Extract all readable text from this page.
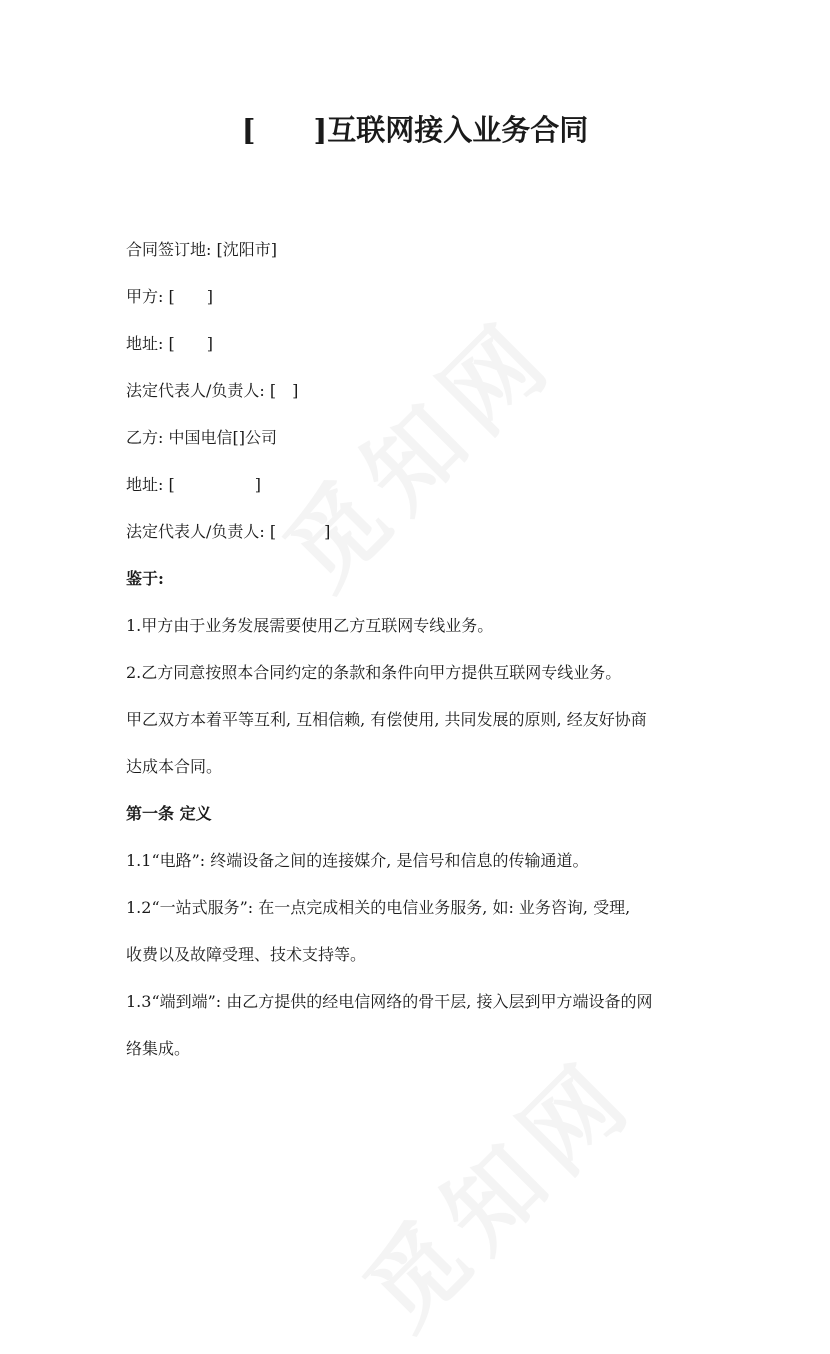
[　　]互联网接入业务合同
合同签订地: [沈阳市]
甲方: [　　]
地址: [　　]
法定代表人/负责人: [　]
乙方: 中国电信[]公司
地址: [　　　　　]
法定代表人/负责人: [　　　]
鉴于:
1.甲方由于业务发展需要使用乙方互联网专线业务。
2.乙方同意按照本合同约定的条款和条件向甲方提供互联网专线业务。
甲乙双方本着平等互利, 互相信赖, 有偿使用, 共同发展的原则, 经友好协商
达成本合同。
第一条 定义
1.1“电路”: 终端设备之间的连接媒介, 是信号和信息的传输通道。
1.2“一站式服务”: 在一点完成相关的电信业务服务, 如: 业务咨询, 受理,
收费以及故障受理、技术支持等。
1.3“端到端”: 由乙方提供的经电信网络的骨干层, 接入层到甲方端设备的网
络集成。
